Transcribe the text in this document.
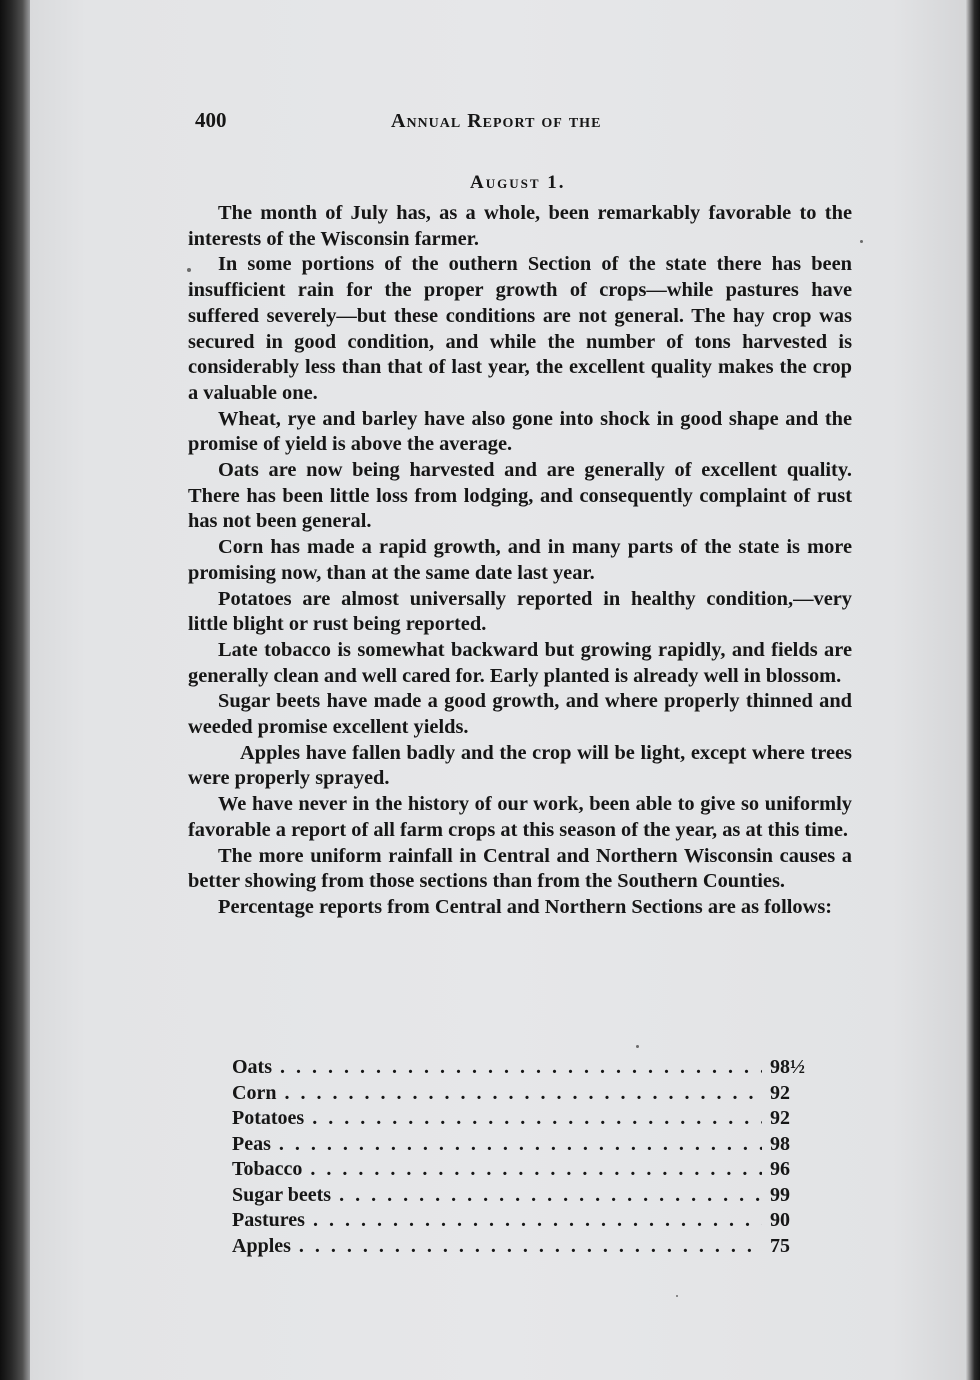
400	Annual Report of the
August 1.

The month of July has, as a whole, been remarkably favorable to the interests of the Wisconsin farmer.

In some portions of the outhern Section of the state there has been insufficient rain for the proper growth of crops—while pastures have suffered severely—but these conditions are not general. The hay crop was secured in good condition, and while the number of tons harvested is considerably less than that of last year, the excellent quality makes the crop a valuable one.

Wheat, rye and barley have also gone into shock in good shape and the promise of yield is above the average.

Oats are now being harvested and are generally of excellent quality. There has been little loss from lodging, and consequently complaint of rust has not been general.

Corn has made a rapid growth, and in many parts of the state is more promising now, than at the same date last year.

Potatoes are almost universally reported in healthy condition,—very little blight or rust being reported.

Late tobacco is somewhat backward but growing rapidly, and fields are generally clean and well cared for. Early planted is already well in blossom.

Sugar beets have made a good growth, and where properly thinned and weeded promise excellent yields.

Apples have fallen badly and the crop will be light, except where trees were properly sprayed.

We have never in the history of our work, been able to give so uniformly favorable a report of all farm crops at this season of the year, as at this time.

The more uniform rainfall in Central and Northern Wisconsin causes a better showing from those sections than from the Southern Counties.

Percentage reports from Central and Northern Sections are as follows:

Oats . . .	98½
Corn . . .	92
Potatoes . . .	92
Peas . . .	98
Tobacco . . .	96
Sugar beets . . .	99
Pastures . . .	90
Apples . . .	75
